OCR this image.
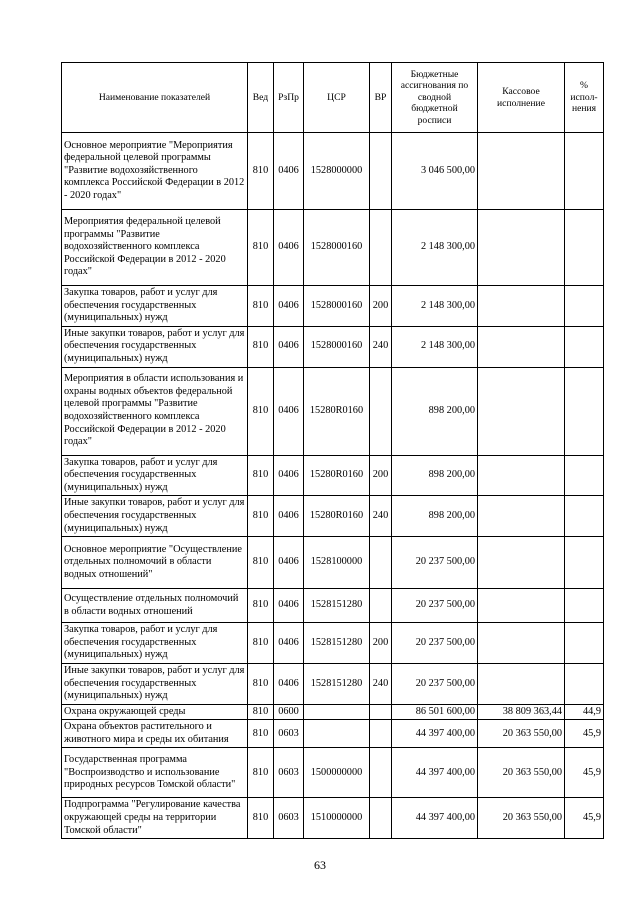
Наименование показателей	Вед	РзПр	ЦСР	ВР	Бюджетные ассигнования по сводной бюджетной росписи	Кассовое исполнение	% испол-нения
Основное мероприятие "Мероприятия федеральной целевой программы "Развитие водохозяйственного комплекса Российской Федерации в 2012 - 2020 годах"	810	0406	1528000000		3 046 500,00		
Мероприятия федеральной целевой программы "Развитие водохозяйственного комплекса Российской Федерации в 2012 - 2020 годах"	810	0406	1528000160		2 148 300,00		
Закупка товаров, работ и услуг для обеспечения государственных (муниципальных) нужд	810	0406	1528000160	200	2 148 300,00		
Иные закупки товаров, работ и услуг для обеспечения государственных (муниципальных) нужд	810	0406	1528000160	240	2 148 300,00		
Мероприятия в области использования и охраны водных объектов федеральной целевой программы "Развитие водохозяйственного комплекса Российской Федерации в 2012 - 2020 годах"	810	0406	15280R0160		898 200,00		
Закупка товаров, работ и услуг для обеспечения государственных (муниципальных) нужд	810	0406	15280R0160	200	898 200,00		
Иные закупки товаров, работ и услуг для обеспечения государственных (муниципальных) нужд	810	0406	15280R0160	240	898 200,00		
Основное мероприятие "Осуществление отдельных полномочий в области водных отношений"	810	0406	1528100000		20 237 500,00		
Осуществление отдельных полномочий в области водных отношений	810	0406	1528151280		20 237 500,00		
Закупка товаров, работ и услуг для обеспечения государственных (муниципальных) нужд	810	0406	1528151280	200	20 237 500,00		
Иные закупки товаров, работ и услуг для обеспечения государственных (муниципальных) нужд	810	0406	1528151280	240	20 237 500,00		
Охрана окружающей среды	810	0600			86 501 600,00	38 809 363,44	44,9
Охрана объектов растительного и животного мира и среды их обитания	810	0603			44 397 400,00	20 363 550,00	45,9
Государственная программа "Воспроизводство и использование природных ресурсов Томской области"	810	0603	1500000000		44 397 400,00	20 363 550,00	45,9
Подпрограмма "Регулирование качества окружающей среды на территории Томской области"	810	0603	1510000000		44 397 400,00	20 363 550,00	45,9
63
